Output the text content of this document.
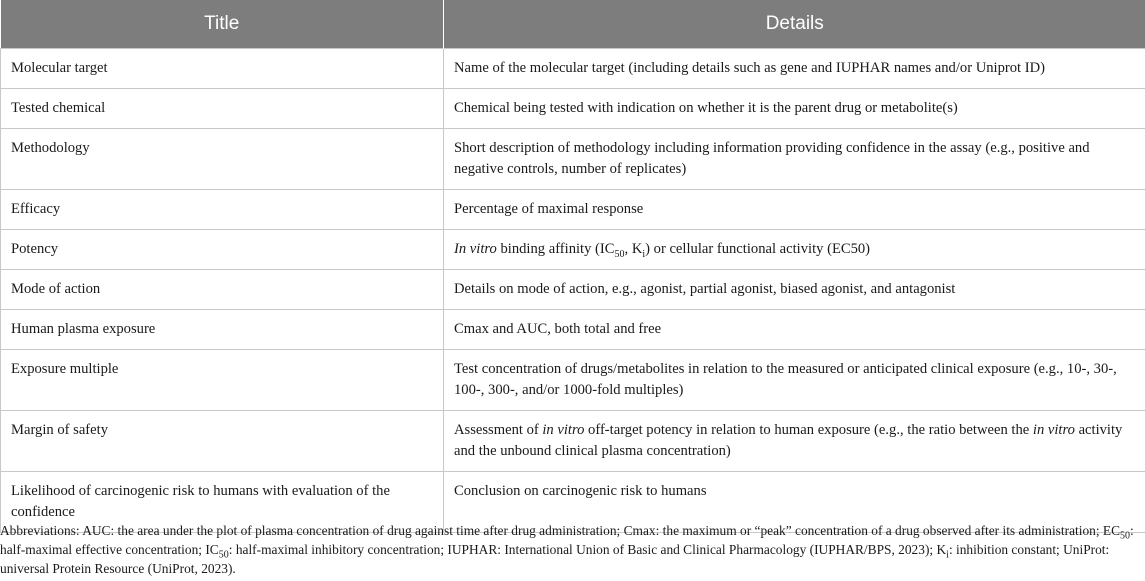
Title	Details
Molecular target	Name of the molecular target (including details such as gene and IUPHAR names and/or Uniprot ID)
Tested chemical	Chemical being tested with indication on whether it is the parent drug or metabolite(s)
Methodology	Short description of methodology including information providing confidence in the assay (e.g., positive and negative controls, number of replicates)
Efficacy	Percentage of maximal response
Potency	In vitro binding affinity ($IC_{50}$, $K_i$) or cellular functional activity (EC50)
Mode of action	Details on mode of action, e.g., agonist, partial agonist, biased agonist, and antagonist
Human plasma exposure	Cmax and AUC, both total and free
Exposure multiple	Test concentration of drugs/metabolites in relation to the measured or anticipated clinical exposure (e.g., 10-, 30-, 100-, 300-, and/or 1000-fold multiples)
Margin of safety	Assessment of in vitro off-target potency in relation to human exposure (e.g., the ratio between the in vitro activity and the unbound clinical plasma concentration)
Likelihood of carcinogenic risk to humans with evaluation of the confidence	Conclusion on carcinogenic risk to humans
Abbreviations: AUC: the area under the plot of plasma concentration of drug against time after drug administration; Cmax: the maximum or “peak” concentration of a drug observed after its administration; $EC_{50}$: half-maximal effective concentration; $IC_{50}$: half-maximal inhibitory concentration; IUPHAR: International Union of Basic and Clinical Pharmacology (IUPHAR/BPS, 2023); $K_i$: inhibition constant; UniProt: universal Protein Resource (UniProt, 2023).
